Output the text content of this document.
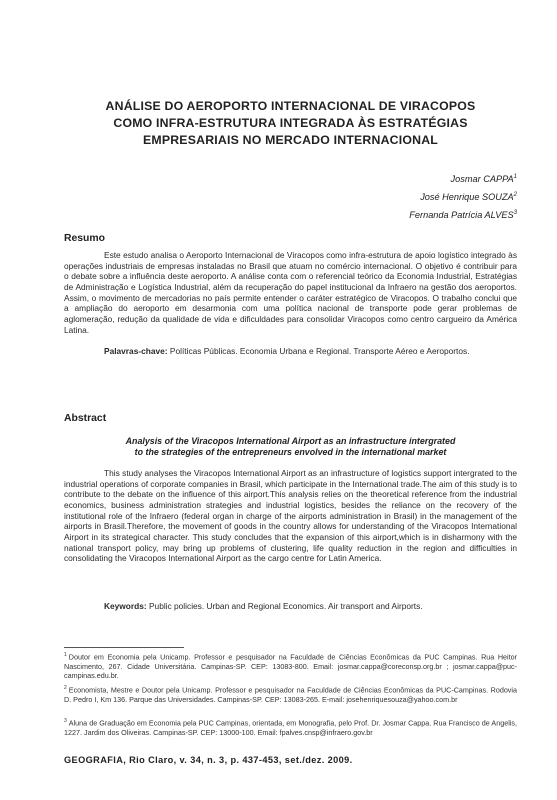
ANÁLISE DO AEROPORTO INTERNACIONAL DE VIRACOPOS
COMO INFRA-ESTRUTURA INTEGRADA ÀS ESTRATÉGIAS
EMPRESARIAIS NO MERCADO INTERNACIONAL
Josmar CAPPA$^1$
José Henrique SOUZA$^2$
Fernanda Patrícia ALVES$^3$
Resumo
Este estudo analisa o Aeroporto Internacional de Viracopos como infra-estrutura de apoio logístico integrado às operações industriais de empresas instaladas no Brasil que atuam no comércio internacional. O objetivo é contribuir para o debate sobre a influência deste aeroporto. A análise conta com o referencial teórico da Economia Industrial, Estratégias de Administração e Logística Industrial, além da recuperação do papel institucional da Infraero na gestão dos aeroportos. Assim, o movimento de mercadorias no país permite entender o caráter estratégico de Viracopos. O trabalho conclui que a ampliação do aeroporto em desarmonia com uma política nacional de transporte pode gerar problemas de aglomeração, redução da qualidade de vida e dificuldades para consolidar Viracopos como centro cargueiro da América Latina.
Palavras-chave: Políticas Públicas. Economia Urbana e Regional. Transporte Aéreo e Aeroportos.
Abstract
Analysis of the Viracopos International Airport as an infrastructure intergrated
to the strategies of the entrepreneurs envolved in the international market
This study analyses the Viracopos International Airport as an infrastructure of logistics support intergrated to the industrial operations of corporate companies in Brasil, which participate in the International trade.The aim of this study is to contribute to the debate on the influence of this airport.This analysis relies on the theoretical reference from the industrial economics, business administration strategies and industrial logistics, besides the reliance on the recovery of the institutional role of the Infraero (federal organ in charge of the airports administration in Brasil) in the management of the airports in Brasil.Therefore, the movement of goods in the country allows for understanding of the Viracopos International Airport in its strategical character. This study concludes that the expansion of this airport,which is in disharmony with the national transport policy, may bring up problems of clustering, life quality reduction in the region and difficulties in consolidating the Viracopos International Airport as the cargo centre for Latin America.
Keywords: Public policies. Urban and Regional Economics. Air transport and Airports.
$^1$ Doutor em Economia pela Unicamp. Professor e pesquisador na Faculdade de Ciências Econômicas da PUC Campinas. Rua Heitor Nascimento, 267. Cidade Universitária. Campinas-SP. CEP: 13083-800. Email: josmar.cappa@coreconsp.org.br ; josmar.cappa@puc-campinas.edu.br.
$^2$ Economista, Mestre e Doutor pela Unicamp. Professor e pesquisador na Faculdade de Ciências Econômicas da PUC-Campinas. Rodovia D. Pedro I, Km 136. Parque das Universidades. Campinas-SP. CEP: 13083-265. E-mail: josehenriquesouza@yahoo.com.br
$^3$ Aluna de Graduação em Economia pela PUC Campinas, orientada, em Monografia, pelo Prof. Dr. Josmar Cappa. Rua Francisco de Angelis, 1227. Jardim dos Oliveiras. Campinas-SP. CEP: 13000-100. Email: fpalves.cnsp@infraero.gov.br
GEOGRAFIA, Rio Claro, v. 34, n. 3, p. 437-453, set./dez. 2009.
